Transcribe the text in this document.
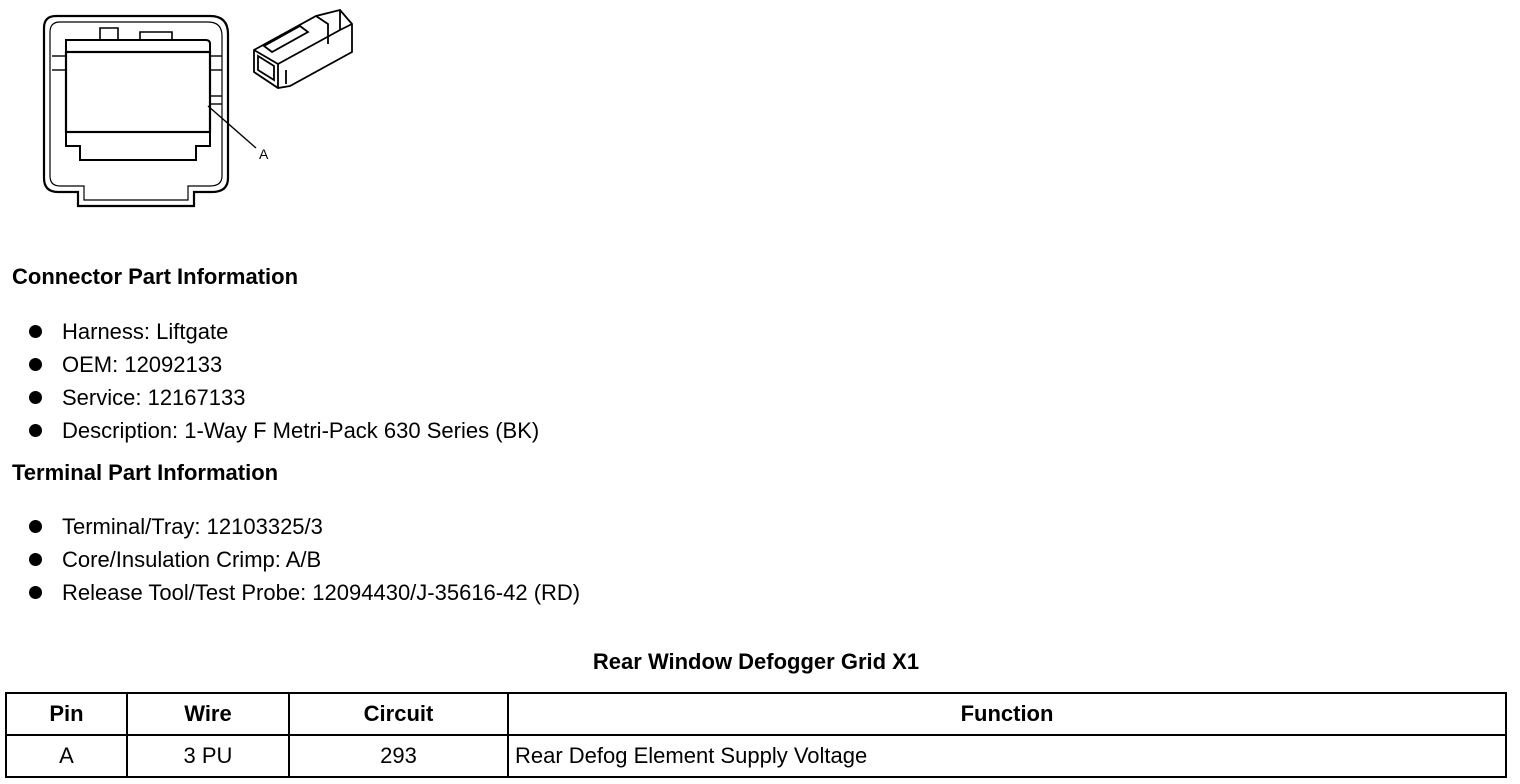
A
Connector Part Information
Harness: Liftgate
OEM: 12092133
Service: 12167133
Description: 1-Way F Metri-Pack 630 Series (BK)
Terminal Part Information
Terminal/Tray: 12103325/3
Core/Insulation Crimp: A/B
Release Tool/Test Probe: 12094430/J-35616-42 (RD)
Rear Window Defogger Grid X1
Pin	Wire	Circuit	Function
A	3 PU	293	Rear Defog Element Supply Voltage
